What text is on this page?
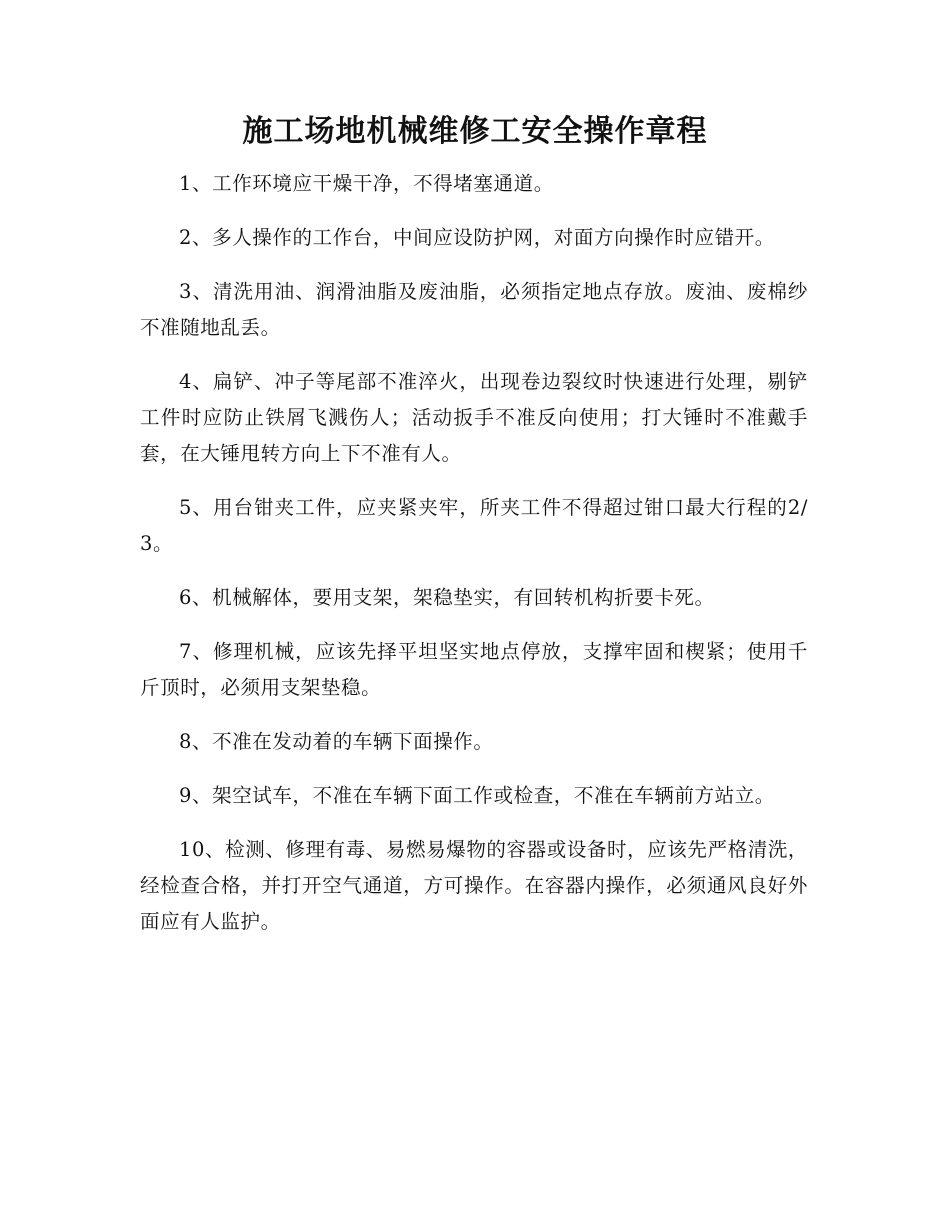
施工场地机械维修工安全操作章程
1、工作环境应干燥干净，不得堵塞通道。
2、多人操作的工作台，中间应设防护网，对面方向操作时应错开。
3、清洗用油、润滑油脂及废油脂，必须指定地点存放。废油、废棉纱不准随地乱丢。
4、扁铲、冲子等尾部不准淬火，出现卷边裂纹时快速进行处理，剔铲工件时应防止铁屑飞溅伤人；活动扳手不准反向使用；打大锤时不准戴手套，在大锤甩转方向上下不准有人。
5、用台钳夹工件，应夹紧夹牢，所夹工件不得超过钳口最大行程的2/3。
6、机械解体，要用支架，架稳垫实，有回转机构折要卡死。
7、修理机械，应该先择平坦坚实地点停放，支撑牢固和楔紧；使用千斤顶时，必须用支架垫稳。
8、不准在发动着的车辆下面操作。
9、架空试车，不准在车辆下面工作或检查，不准在车辆前方站立。
10、检测、修理有毒、易燃易爆物的容器或设备时，应该先严格清洗，经检查合格，并打开空气通道，方可操作。在容器内操作，必须通风良好外面应有人监护。
